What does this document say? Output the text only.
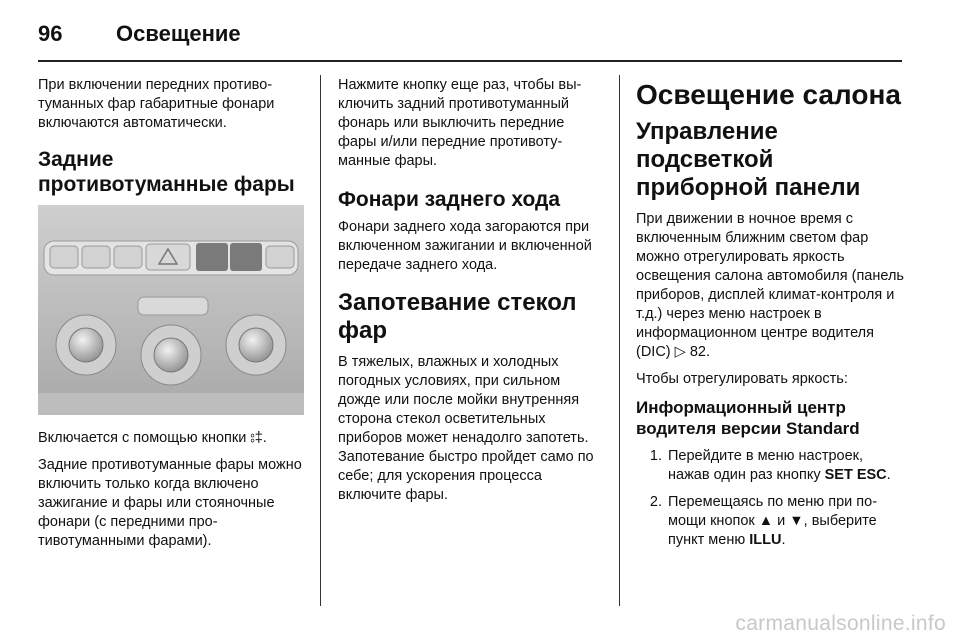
96	Освещение

При включении передних противотуманных фар габаритные фонари включаются автоматически.

Задние противотуманные фары

Включается с помощью кнопки ⦂‡.

Задние противотуманные фары можно включить только когда включено зажигание и фары или стояночные фонари (с передними противотуманными фарами).

Нажмите кнопку еще раз, чтобы выключить задний противотуманный фонарь или выключить передние фары и/или передние противотуманные фары.

Фонари заднего хода

Фонари заднего хода загораются при включенном зажигании и включенной передаче заднего хода.

Запотевание стекол фар

В тяжелых, влажных и холодных погодных условиях, при сильном дожде или после мойки внутренняя сторона стекол осветительных приборов может ненадолго запотеть. Запотевание быстро пройдет само по себе; для ускорения процесса включите фары.

Освещение салона
Управление подсветкой приборной панели

При движении в ночное время с включенным ближним светом фар можно отрегулировать яркость освещения салона автомобиля (панель приборов, дисплей климат-контроля и т.д.) через меню настроек в информационном центре водителя (DIC) ▷ 82.

Чтобы отрегулировать яркость:

Информационный центр водителя версии Standard
1. Перейдите в меню настроек, нажав один раз кнопку SET ESC.
2. Перемещаясь по меню при помощи кнопок ▲ и ▼, выберите пункт меню ILLU.
carmanualsonline.info
